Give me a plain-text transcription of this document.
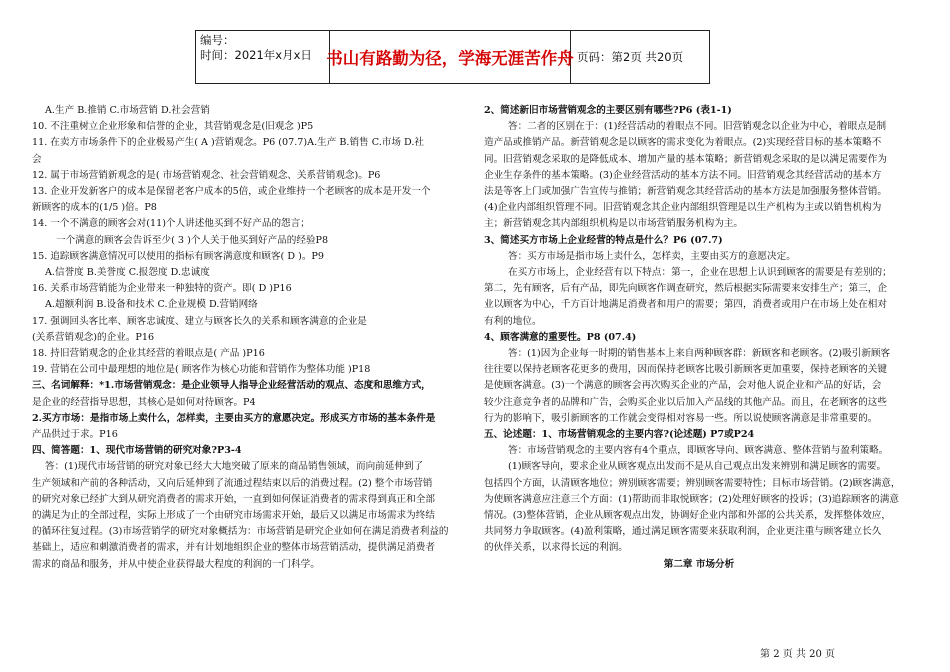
编号：
时间：2021年x月x日 书山有路勤为径，学海无涯苦作舟 页码：第2页 共20页

A.生产 B.推销 C.市场营销 D.社会营销

10. 不注重树立企业形象和信誉的企业，其营销观念是(旧观念 )P5

11. 在卖方市场条件下的企业极易产生( A )营销观念。P6 (07.7)A.生产 B.销售 C.市场 D.社

会

12. 属于市场营销新观念的是( 市场营销观念、社会营销观念、关系营销观念)。P6

13. 企业开发新客户的成本是保留老客户成本的5倍，或企业维持一个老顾客的成本是开发一个

新顾客的成本的(1/5 )倍。P8

14. 一个不满意的顾客会对(11)个人讲述他买到不好产品的怨言；

一个满意的顾客会告诉至少( 3 )个人关于他买到好产品的经验P8

15. 追踪顾客满意情况可以使用的指标有顾客满意度和顾客( D )。P9

A.信誉度 B.美誉度 C.报怨度 D.忠诚度

16. 关系市场营销能为企业带来一种独特的资产。即( D )P16

A.超额利润 B.设备和技术 C.企业规模 D.营销网络

17. 强调回头客比率、顾客忠诚度、建立与顾客长久的关系和顾客满意的企业是

(关系营销观念)的企业。P16

18. 持旧营销观念的企业其经营的着眼点是( 产品 )P16

19. 营销在公司中最理想的地位是( 顾客作为核心功能和营销作为整体功能 )P18

三、名词解释：*1.市场营销观念：是企业领导人指导企业经营活动的观点、态度和思维方式，

是企业的经营指导思想，其核心是如何对待顾客。P4

2.买方市场：是指市场上卖什么，怎样卖，主要由买方的意愿决定。形成买方市场的基本条件是

产品供过于求。P16

四、简答题：1、现代市场营销的研究对象?P3-4

答：(1)现代市场营销的研究对象已经大大地突破了原来的商品销售领域，而向前延伸到了

生产领域和产前的各种活动，又向后延伸到了流通过程结束以后的消费过程。(2) 整个市场营销

的研究对象已经扩大到从研究消费者的需求开始，一直到如何保证消费者的需求得到真正和全部

的满足为止的全部过程，实际上形成了一个由研究市场需求开始，最后又以满足市场需求为终结

的循环往复过程。(3)市场营销学的研究对象概括为：市场营销是研究企业如何在满足消费者利益的

基础上，适应和刺激消费者的需求，并有计划地组织企业的整体市场营销活动，提供满足消费者

需求的商品和服务，并从中使企业获得最大程度的利润的一门科学。

2、简述新旧市场营销观念的主要区别有哪些?P6 (表1-1)

答：二者的区别在于：(1)经营活动的着眼点不同。旧营销观念以企业为中心，着眼点是制

造产品或推销产品。新营销观念是以顾客的需求变化为着眼点。(2)实现经营目标的基本策略不

同。旧营销观念采取的是降低成本、增加产量的基本策略；新营销观念采取的是以满足需要作为

企业生存条件的基本策略。(3)企业经营活动的基本方法不同。旧营销观念其经营活动的基本方

法是等客上门或加强广告宣传与推销；新营销观念其经营活动的基本方法是加强服务整体营销。

(4)企业内部组织管理不同。旧营销观念其企业内部组织管理是以生产机构为主或以销售机构为

主；新营销观念其内部组织机构是以市场营销服务机构为主。

3、简述买方市场上企业经营的特点是什么？P6 (07.7)

答：买方市场是指市场上卖什么，怎样卖，主要由买方的意愿决定。

在买方市场上，企业经营有以下特点：第一，企业在思想上认识到顾客的需要是有差别的；

第二，先有顾客，后有产品，即先向顾客作调查研究，然后根据实际需要来安排生产；第三，企

业以顾客为中心，千方百计地满足消费者和用户的需要；第四，消费者或用户在市场上处在相对

有利的地位。

4、顾客满意的重要性。P8 (07.4)

答：(1)因为企业每一时期的销售基本上来自两种顾客群：新顾客和老顾客。(2)吸引新顾客

往往要以保持老顾客花更多的费用，因而保持老顾客比吸引新顾客更加重要，保持老顾客的关键

是使顾客满意。(3)一个满意的顾客会再次购买企业的产品，会对他人说企业和产品的好话，会

较少注意竞争者的品牌和广告，会购买企业以后加入产品线的其他产品。而且，在老顾客的这些

行为的影响下，吸引新顾客的工作就会变得相对容易一些。所以说使顾客满意是非常重要的。

五、论述题：1、市场营销观念的主要内容?(论述题) P7或P24

答：市场营销观念的主要内容有4个重点，即顾客导向、顾客满意、整体营销与盈利策略。

(1)顾客导向，要求企业从顾客观点出发而不是从自己观点出发来辨别和满足顾客的需要。

包括四个方面，认清顾客地位；辨别顾客需要；辨别顾客需要特性；目标市场营销。(2)顾客满意，

为使顾客满意应注意三个方面：(1)帮助而非取悦顾客；(2)处理好顾客的投诉；(3)追踪顾客的满意

情况。(3)整体营销，企业从顾客观点出发，协调好企业内部和外部的公共关系，发挥整体效应，

共同努力争取顾客。(4)盈利策略，通过满足顾客需要来获取利润，企业更注重与顾客建立长久

的伙伴关系，以求得长远的利润。

第二章 市场分析

第 2 页 共 20 页
